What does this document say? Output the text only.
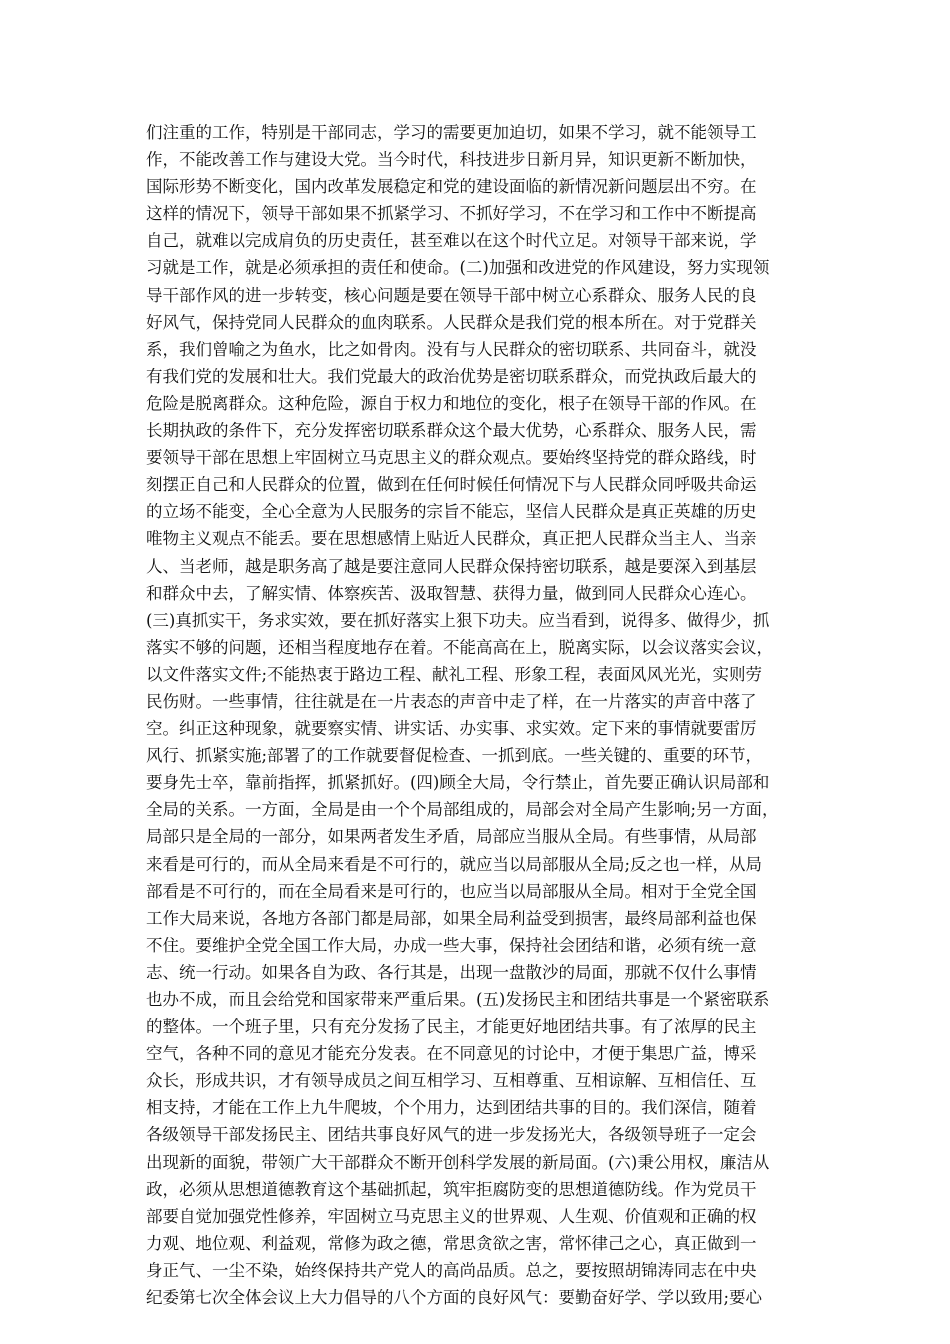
们注重的工作，特别是干部同志，学习的需要更加迫切，如果不学习，就不能领导工
作，不能改善工作与建设大党。当今时代，科技进步日新月异，知识更新不断加快，
国际形势不断变化，国内改革发展稳定和党的建设面临的新情况新问题层出不穷。在
这样的情况下，领导干部如果不抓紧学习、不抓好学习，不在学习和工作中不断提高
自己，就难以完成肩负的历史责任，甚至难以在这个时代立足。对领导干部来说，学
习就是工作，就是必须承担的责任和使命。(二)加强和改进党的作风建设，努力实现领
导干部作风的进一步转变，核心问题是要在领导干部中树立心系群众、服务人民的良
好风气，保持党同人民群众的血肉联系。人民群众是我们党的根本所在。对于党群关
系，我们曾喻之为鱼水，比之如骨肉。没有与人民群众的密切联系、共同奋斗，就没
有我们党的发展和壮大。我们党最大的政治优势是密切联系群众，而党执政后最大的
危险是脱离群众。这种危险，源自于权力和地位的变化，根子在领导干部的作风。在
长期执政的条件下，充分发挥密切联系群众这个最大优势，心系群众、服务人民，需
要领导干部在思想上牢固树立马克思主义的群众观点。要始终坚持党的群众路线，时
刻摆正自己和人民群众的位置，做到在任何时候任何情况下与人民群众同呼吸共命运
的立场不能变，全心全意为人民服务的宗旨不能忘，坚信人民群众是真正英雄的历史
唯物主义观点不能丢。要在思想感情上贴近人民群众，真正把人民群众当主人、当亲
人、当老师，越是职务高了越是要注意同人民群众保持密切联系，越是要深入到基层
和群众中去，了解实情、体察疾苦、汲取智慧、获得力量，做到同人民群众心连心。
(三)真抓实干，务求实效，要在抓好落实上狠下功夫。应当看到，说得多、做得少，抓
落实不够的问题，还相当程度地存在着。不能高高在上，脱离实际，以会议落实会议，
以文件落实文件;不能热衷于路边工程、献礼工程、形象工程，表面风风光光，实则劳
民伤财。一些事情，往往就是在一片表态的声音中走了样，在一片落实的声音中落了
空。纠正这种现象，就要察实情、讲实话、办实事、求实效。定下来的事情就要雷厉
风行、抓紧实施;部署了的工作就要督促检查、一抓到底。一些关键的、重要的环节，
要身先士卒，靠前指挥，抓紧抓好。(四)顾全大局，令行禁止，首先要正确认识局部和
全局的关系。一方面，全局是由一个个局部组成的，局部会对全局产生影响;另一方面，
局部只是全局的一部分，如果两者发生矛盾，局部应当服从全局。有些事情，从局部
来看是可行的，而从全局来看是不可行的，就应当以局部服从全局;反之也一样，从局
部看是不可行的，而在全局看来是可行的，也应当以局部服从全局。相对于全党全国
工作大局来说，各地方各部门都是局部，如果全局利益受到损害，最终局部利益也保
不住。要维护全党全国工作大局，办成一些大事，保持社会团结和谐，必须有统一意
志、统一行动。如果各自为政、各行其是，出现一盘散沙的局面，那就不仅什么事情
也办不成，而且会给党和国家带来严重后果。(五)发扬民主和团结共事是一个紧密联系
的整体。一个班子里，只有充分发扬了民主，才能更好地团结共事。有了浓厚的民主
空气，各种不同的意见才能充分发表。在不同意见的讨论中，才便于集思广益，博采
众长，形成共识，才有领导成员之间互相学习、互相尊重、互相谅解、互相信任、互
相支持，才能在工作上九牛爬坡，个个用力，达到团结共事的目的。我们深信，随着
各级领导干部发扬民主、团结共事良好风气的进一步发扬光大，各级领导班子一定会
出现新的面貌，带领广大干部群众不断开创科学发展的新局面。(六)秉公用权，廉洁从
政，必须从思想道德教育这个基础抓起，筑牢拒腐防变的思想道德防线。作为党员干
部要自觉加强党性修养，牢固树立马克思主义的世界观、人生观、价值观和正确的权
力观、地位观、利益观，常修为政之德，常思贪欲之害，常怀律己之心，真正做到一
身正气、一尘不染，始终保持共产党人的高尚品质。总之，要按照胡锦涛同志在中央
纪委第七次全体会议上大力倡导的八个方面的良好风气：要勤奋好学、学以致用;要心
